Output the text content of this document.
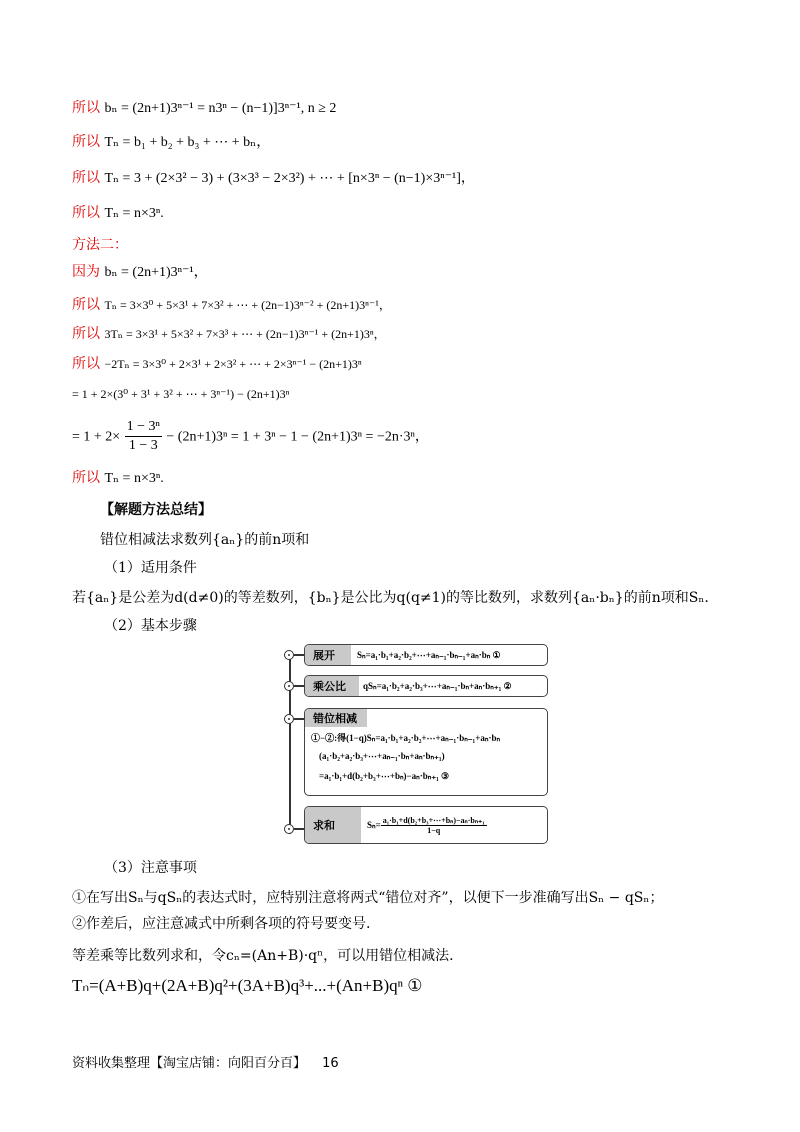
所以 bₙ = (2n+1)3ⁿ⁻¹ = n3ⁿ − (n−1)]3ⁿ⁻¹, n ≥ 2
所以 Tₙ = b₁ + b₂ + b₃ + ⋯ + bₙ，
所以 Tₙ = 3 + (2×3² − 3) + (3×3³ − 2×3²) + ⋯ + [n×3ⁿ − (n−1)×3ⁿ⁻¹]，
所以 Tₙ = n×3ⁿ.
方法二：
因为 bₙ = (2n+1)3ⁿ⁻¹，
所以 Tₙ = 3×3⁰ + 5×3¹ + 7×3² + ⋯ + (2n−1)3ⁿ⁻² + (2n+1)3ⁿ⁻¹，
所以 3Tₙ = 3×3¹ + 5×3² + 7×3³ + ⋯ + (2n−1)3ⁿ⁻¹ + (2n+1)3ⁿ，
所以 −2Tₙ = 3×3⁰ + 2×3¹ + 2×3² + ⋯ + 2×3ⁿ⁻¹ − (2n+1)3ⁿ
= 1 + 2×(3⁰ + 3¹ + 3² + ⋯ + 3ⁿ⁻¹) − (2n+1)3ⁿ
= $1 + 2\times \frac{\text{1 − 3ⁿ}}{1 - 3} - (2n+1)3^n = 1 + 3^n - 1 - (2n+1)3^n = -2n\cdot 3^n$，
所以 Tₙ = n×3ⁿ.
【解题方法总结】
错位相减法求数列{aₙ}的前n项和
（1）适用条件
若{aₙ}是公差为d(d≠0)的等差数列，{bₙ}是公比为q(q≠1)的等比数列，求数列{aₙ·bₙ}的前n项和Sₙ.
（2）基本步骤
展开	Sₙ=a₁·b₁+a₂·b₂+⋯+aₙ₋₁·bₙ₋₁+aₙ·bₙ ①
乘公比	qSₙ=a₁·b₂+a₂·b₃+⋯+aₙ₋₁·bₙ+aₙ·bₙ₊₁ ②
错位相减
①−②:得(1−q)Sₙ=a₁·b₁+a₂·b₂+⋯+aₙ₋₁·bₙ₋₁+aₙ·bₙ
(a₁·b₂+a₂·b₃+⋯+aₙ₋₁·bₙ+aₙ·bₙ₊₁)
=a₁·b₁+d(b₂+b₃+⋯+bₙ)−aₙ·bₙ₊₁ ③
求和	$S_n= \frac{\text{a₁·b₁+d(b₂+b₃+⋯+bₙ)−aₙ·bₙ₊₁}}{1-q}$
（3）注意事项
①在写出Sₙ与qSₙ的表达式时，应特别注意将两式“错位对齐”，以便下一步准确写出Sₙ − qSₙ；
②作差后，应注意减式中所剩各项的符号要变号.
等差乘等比数列求和，令cₙ=(An+B)·qⁿ，可以用错位相减法.
Tₙ=(A+B)q+(2A+B)q²+(3A+B)q³+...+(An+B)qⁿ ①
资料收集整理【淘宝店铺：向阳百分百】 16
